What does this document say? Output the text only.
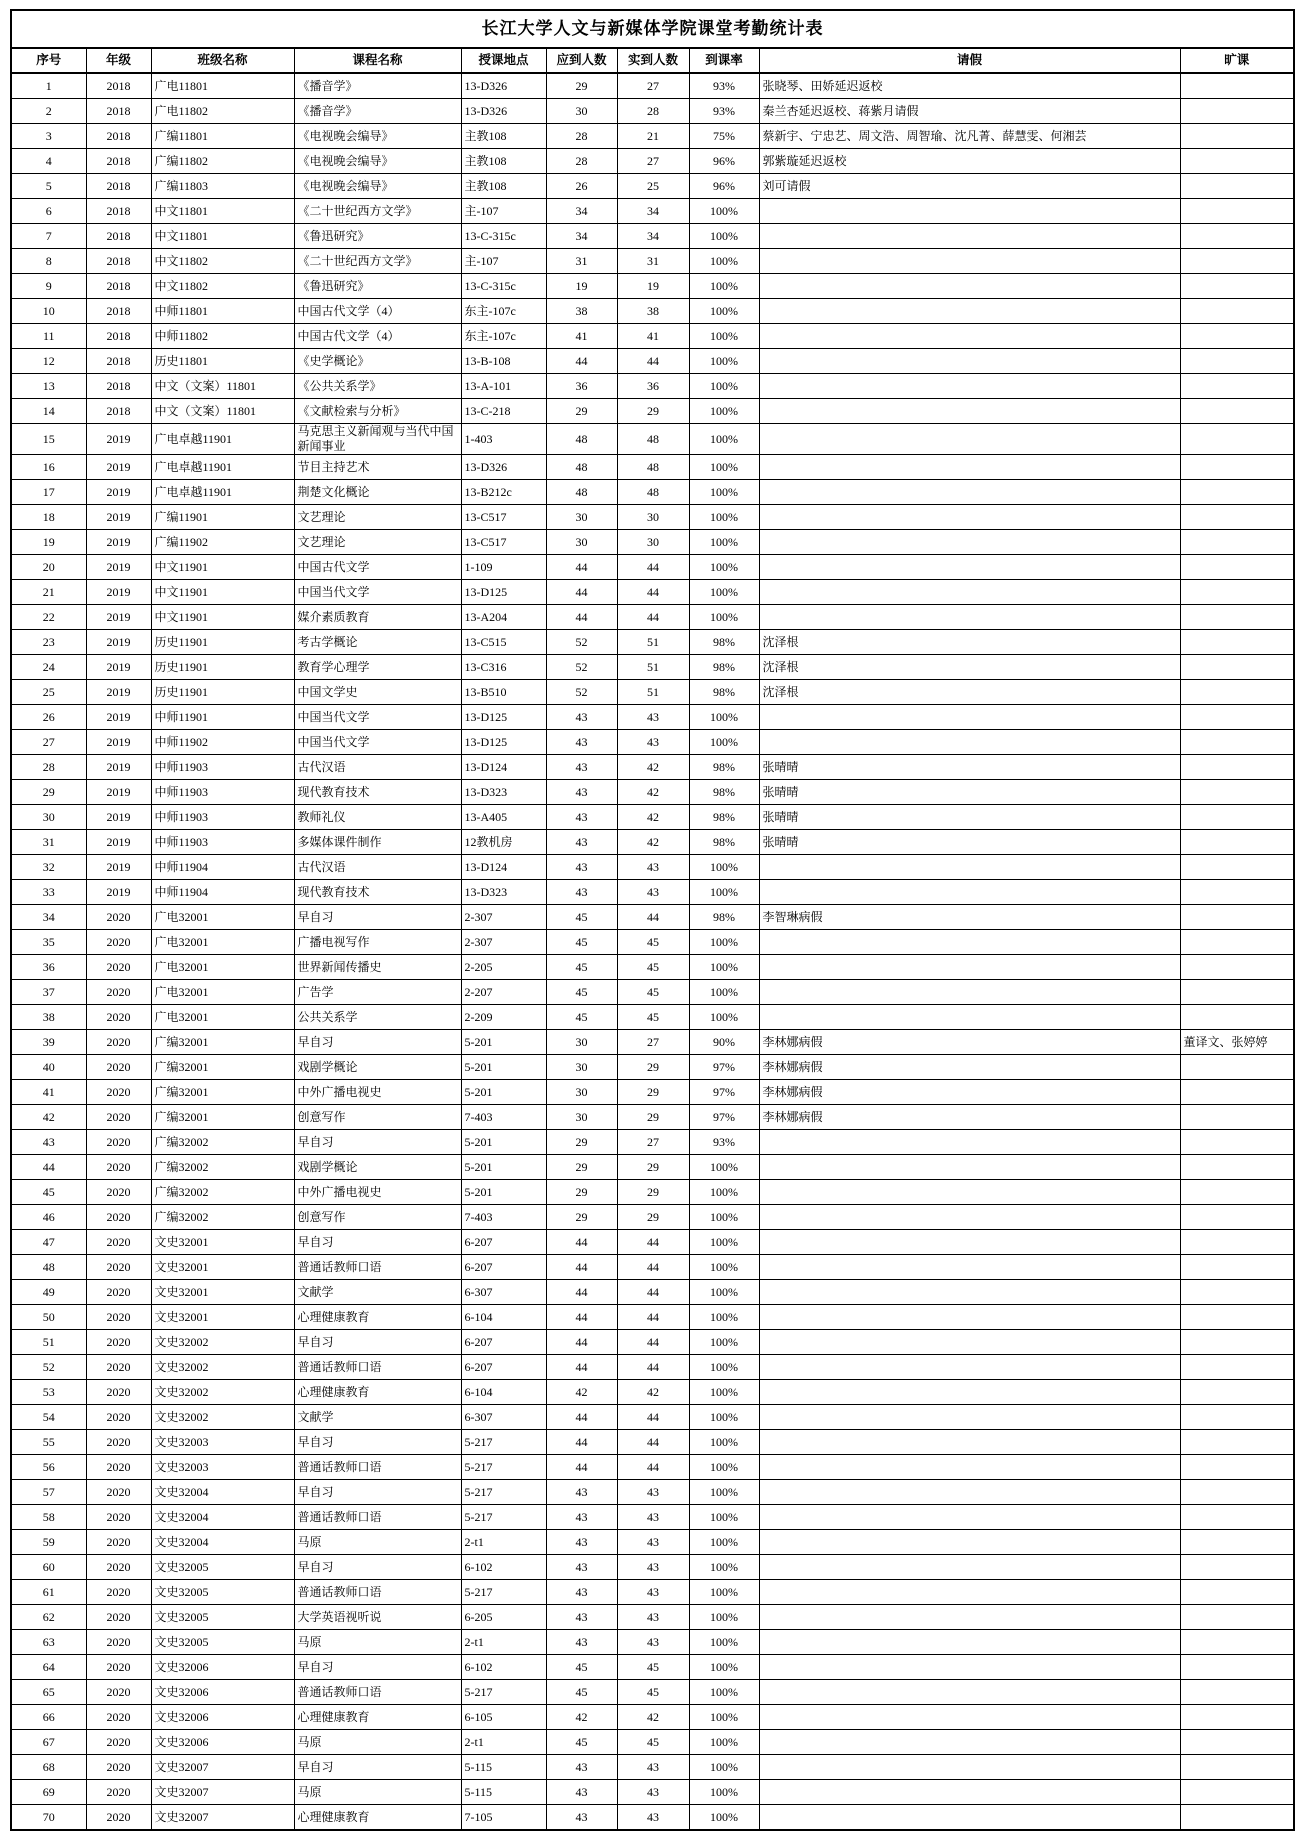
长江大学人文与新媒体学院课堂考勤统计表									
序号	年级	班级名称	课程名称	授课地点	应到人数	实到人数	到课率	请假	旷课
1	2018	广电11801	《播音学》	13-D326	29	27	93%	张晓琴、田娇延迟返校	
2	2018	广电11802	《播音学》	13-D326	30	28	93%	秦兰杏延迟返校、蒋紫月请假	
3	2018	广编11801	《电视晚会编导》	主教108	28	21	75%	蔡新宇、宁忠艺、周文浩、周智瑜、沈凡菁、薛慧雯、何湘芸	
4	2018	广编11802	《电视晚会编导》	主教108	28	27	96%	郭紫璇延迟返校	
5	2018	广编11803	《电视晚会编导》	主教108	26	25	96%	刘可请假	
6	2018	中文11801	《二十世纪西方文学》	主-107	34	34	100%		
7	2018	中文11801	《鲁迅研究》	13-C-315c	34	34	100%		
8	2018	中文11802	《二十世纪西方文学》	主-107	31	31	100%		
9	2018	中文11802	《鲁迅研究》	13-C-315c	19	19	100%		
10	2018	中师11801	中国古代文学（4）	东主-107c	38	38	100%		
11	2018	中师11802	中国古代文学（4）	东主-107c	41	41	100%		
12	2018	历史11801	《史学概论》	13-B-108	44	44	100%		
13	2018	中文（文案）11801	《公共关系学》	13-A-101	36	36	100%		
14	2018	中文（文案）11801	《文献检索与分析》	13-C-218	29	29	100%		
15	2019	广电卓越11901	马克思主义新闻观与当代中国新闻事业	1-403	48	48	100%		
16	2019	广电卓越11901	节目主持艺术	13-D326	48	48	100%		
17	2019	广电卓越11901	荆楚文化概论	13-B212c	48	48	100%		
18	2019	广编11901	文艺理论	13-C517	30	30	100%		
19	2019	广编11902	文艺理论	13-C517	30	30	100%		
20	2019	中文11901	中国古代文学	1-109	44	44	100%		
21	2019	中文11901	中国当代文学	13-D125	44	44	100%		
22	2019	中文11901	媒介素质教育	13-A204	44	44	100%		
23	2019	历史11901	考古学概论	13-C515	52	51	98%	沈泽根	
24	2019	历史11901	教育学心理学	13-C316	52	51	98%	沈泽根	
25	2019	历史11901	中国文学史	13-B510	52	51	98%	沈泽根	
26	2019	中师11901	中国当代文学	13-D125	43	43	100%		
27	2019	中师11902	中国当代文学	13-D125	43	43	100%		
28	2019	中师11903	古代汉语	13-D124	43	42	98%	张晴晴	
29	2019	中师11903	现代教育技术	13-D323	43	42	98%	张晴晴	
30	2019	中师11903	教师礼仪	13-A405	43	42	98%	张晴晴	
31	2019	中师11903	多媒体课件制作	12教机房	43	42	98%	张晴晴	
32	2019	中师11904	古代汉语	13-D124	43	43	100%		
33	2019	中师11904	现代教育技术	13-D323	43	43	100%		
34	2020	广电32001	早自习	2-307	45	44	98%	李智琳病假	
35	2020	广电32001	广播电视写作	2-307	45	45	100%		
36	2020	广电32001	世界新闻传播史	2-205	45	45	100%		
37	2020	广电32001	广告学	2-207	45	45	100%		
38	2020	广电32001	公共关系学	2-209	45	45	100%		
39	2020	广编32001	早自习	5-201	30	27	90%	李林娜病假	董译文、张婷婷
40	2020	广编32001	戏剧学概论	5-201	30	29	97%	李林娜病假	
41	2020	广编32001	中外广播电视史	5-201	30	29	97%	李林娜病假	
42	2020	广编32001	创意写作	7-403	30	29	97%	李林娜病假	
43	2020	广编32002	早自习	5-201	29	27	93%		
44	2020	广编32002	戏剧学概论	5-201	29	29	100%		
45	2020	广编32002	中外广播电视史	5-201	29	29	100%		
46	2020	广编32002	创意写作	7-403	29	29	100%		
47	2020	文史32001	早自习	6-207	44	44	100%		
48	2020	文史32001	普通话教师口语	6-207	44	44	100%		
49	2020	文史32001	文献学	6-307	44	44	100%		
50	2020	文史32001	心理健康教育	6-104	44	44	100%		
51	2020	文史32002	早自习	6-207	44	44	100%		
52	2020	文史32002	普通话教师口语	6-207	44	44	100%		
53	2020	文史32002	心理健康教育	6-104	42	42	100%		
54	2020	文史32002	文献学	6-307	44	44	100%		
55	2020	文史32003	早自习	5-217	44	44	100%		
56	2020	文史32003	普通话教师口语	5-217	44	44	100%		
57	2020	文史32004	早自习	5-217	43	43	100%		
58	2020	文史32004	普通话教师口语	5-217	43	43	100%		
59	2020	文史32004	马原	2-t1	43	43	100%		
60	2020	文史32005	早自习	6-102	43	43	100%		
61	2020	文史32005	普通话教师口语	5-217	43	43	100%		
62	2020	文史32005	大学英语视听说	6-205	43	43	100%		
63	2020	文史32005	马原	2-t1	43	43	100%		
64	2020	文史32006	早自习	6-102	45	45	100%		
65	2020	文史32006	普通话教师口语	5-217	45	45	100%		
66	2020	文史32006	心理健康教育	6-105	42	42	100%		
67	2020	文史32006	马原	2-t1	45	45	100%		
68	2020	文史32007	早自习	5-115	43	43	100%		
69	2020	文史32007	马原	5-115	43	43	100%		
70	2020	文史32007	心理健康教育	7-105	43	43	100%		
